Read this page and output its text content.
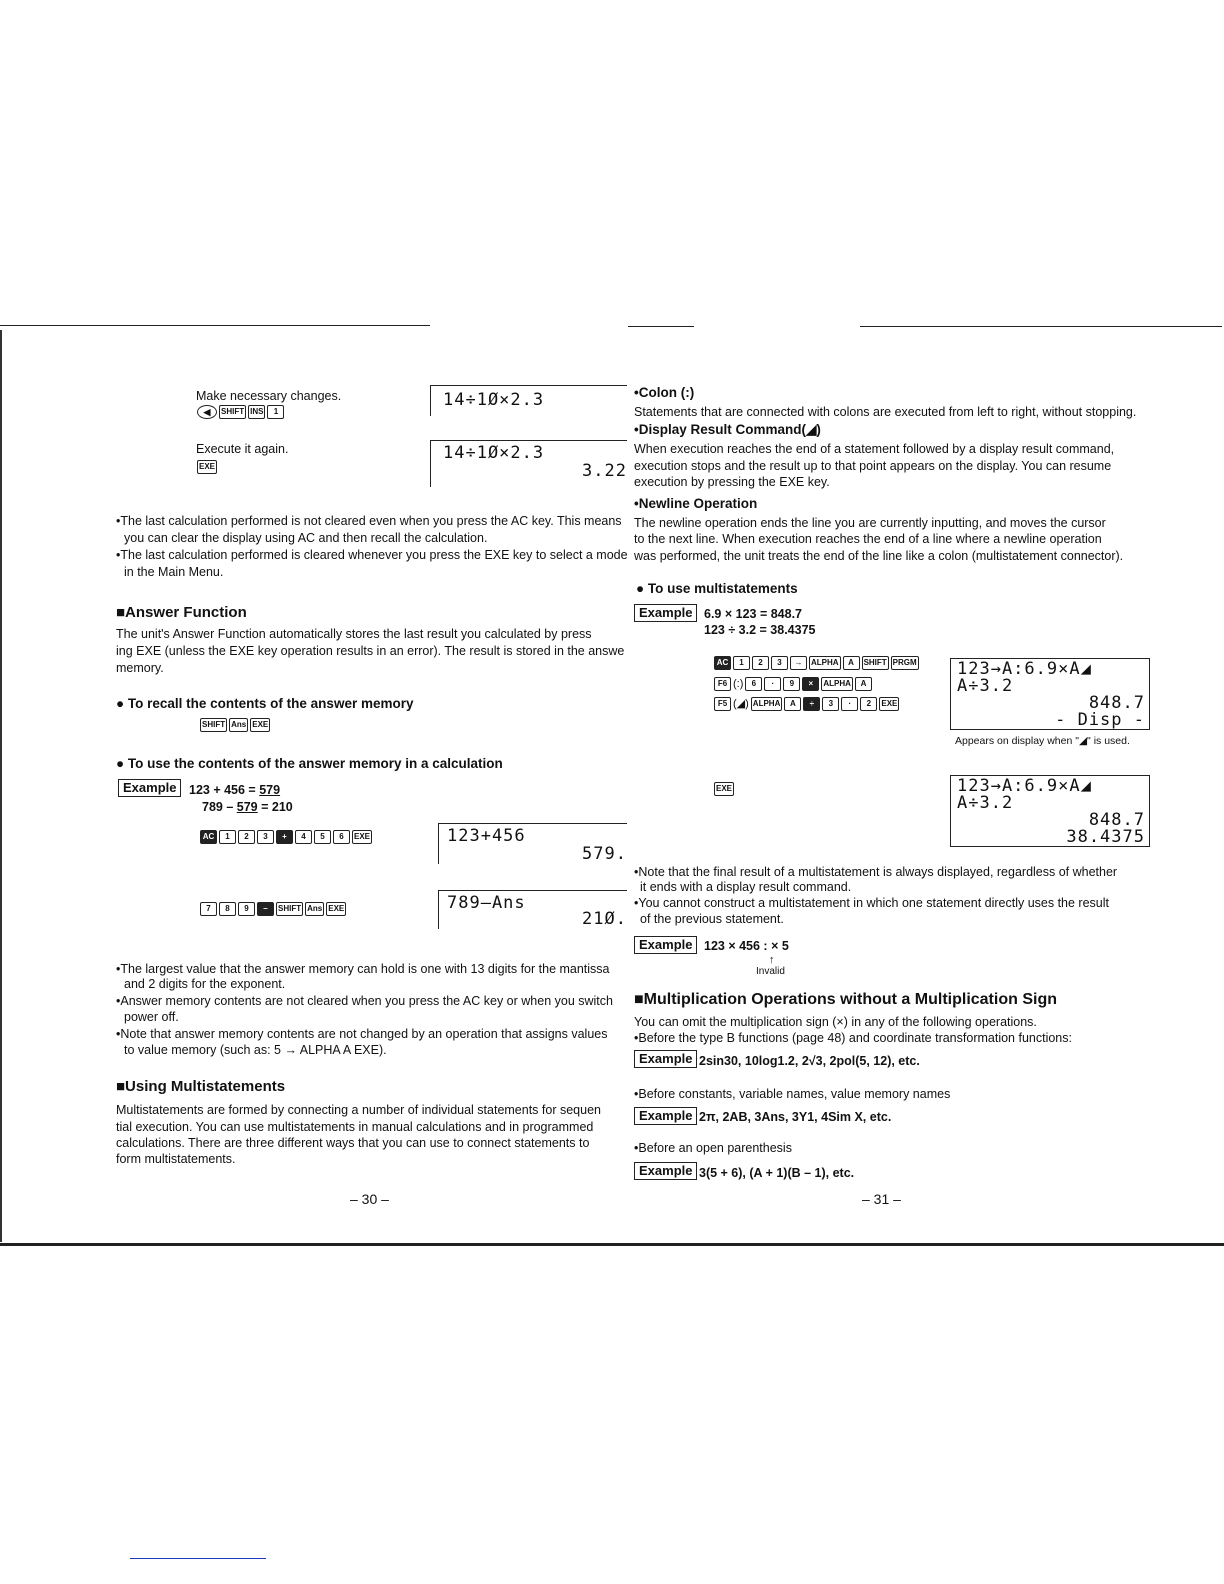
Make necessary changes.
◀	SHIFT INS	1
14÷1Ø×2.3
Execute it again.
EXE
14÷1Ø×2.3
3.22
•The last calculation performed is not cleared even when you press the AC key. This means
you can clear the display using AC and then recall the calculation.
•The last calculation performed is cleared whenever you press the EXE key to select a mode
in the Main Menu.
■Answer Function
The unit's Answer Function automatically stores the last result you calculated by press
ing EXE (unless the EXE key operation results in an error). The result is stored in the answe
memory.
● To recall the contents of the answer memory
SHIFT Ans EXE
● To use the contents of the answer memory in a calculation
Example	123 + 456 = 579
789 – 579 = 210
AC	1	2	3	+	4	5	6	EXE	123+456
579.
7	8	9	–	SHIFT Ans EXE	789–Ans
21Ø.
•The largest value that the answer memory can hold is one with 13 digits for the mantissa
and 2 digits for the exponent.
•Answer memory contents are not cleared when you press the AC key or when you switch
power off.
•Note that answer memory contents are not changed by an operation that assigns values
to value memory (such as: 5 → ALPHA A EXE).
■Using Multistatements
Multistatements are formed by connecting a number of individual statements for sequen
tial execution. You can use multistatements in manual calculations and in programmed
calculations. There are three different ways that you can use to connect statements to
form multistatements.
– 30 –
•Colon (:)
Statements that are connected with colons are executed from left to right, without stopping.
•Display Result Command(◢)
When execution reaches the end of a statement followed by a display result command,
execution stops and the result up to that point appears on the display. You can resume
execution by pressing the EXE key.
•Newline Operation
The newline operation ends the line you are currently inputting, and moves the cursor
to the next line. When execution reaches the end of a line where a newline operation
was performed, the unit treats the end of the line like a colon (multistatement connector).
● To use multistatements
Example 6.9 × 123 = 848.7
123 ÷ 3.2 = 38.4375
AC	1	2	3	→	ALPHA	A	SHIFT PRGM
F6 (:)	6	·	9	×	ALPHA	A
F5 (◢) ALPHA	A	÷	3	·	2	EXE
123→A:6.9×A◢
A÷3.2
848.7
- Disp -
Appears on display when "◢" is used.
EXE	123→A:6.9×A◢
A÷3.2
848.7
38.4375
•Note that the final result of a multistatement is always displayed, regardless of whether
it ends with a display result command.
•You cannot construct a multistatement in which one statement directly uses the result
of the previous statement.
Example 123 × 456 : × 5
↑
Invalid
■Multiplication Operations without a Multiplication Sign
You can omit the multiplication sign (×) in any of the following operations.
•Before the type B functions (page 48) and coordinate transformation functions:
Example 2sin30, 10log1.2, 2√3, 2pol(5, 12), etc.
•Before constants, variable names, value memory names
Example 2π, 2AB, 3Ans, 3Y1, 4Sim X, etc.
•Before an open parenthesis
Example 3(5 + 6), (A + 1)(B – 1), etc.
– 31 –
